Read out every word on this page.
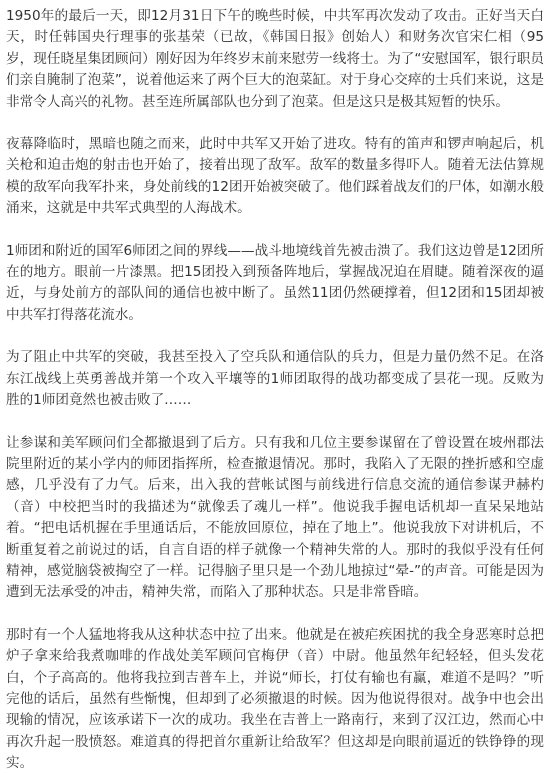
1950年的最后一天，即12月31日下午的晚些时候，中共军再次发动了攻击。正好当天白天，时任韩国央行理事的张基荣（已故，《韩国日报》创始人）和财务次官宋仁相（95岁，现任晓星集团顾问）刚好因为年终岁末前来慰劳一线将士。为了“安慰国军，银行职员们亲自腌制了泡菜”，说着他运来了两个巨大的泡菜缸。对于身心交瘁的士兵们来说，这是非常令人高兴的礼物。甚至连所属部队也分到了泡菜。但是这只是极其短暂的快乐。

夜幕降临时，黑暗也随之而来，此时中共军又开始了进攻。特有的笛声和锣声响起后，机关枪和迫击炮的射击也开始了，接着出现了敌军。敌军的数量多得吓人。随着无法估算规模的敌军向我军扑来，身处前线的12团开始被突破了。他们踩着战友们的尸体，如潮水般涌来，这就是中共军式典型的人海战术。

1师团和附近的国军6师团之间的界线——战斗地境线首先被击溃了。我们这边曾是12团所在的地方。眼前一片漆黑。把15团投入到预备阵地后，掌握战况迫在眉睫。随着深夜的逼近，与身处前方的部队间的通信也被中断了。虽然11团仍然硬撑着，但12团和15团却被中共军打得落花流水。

为了阻止中共军的突破，我甚至投入了空兵队和通信队的兵力，但是力量仍然不足。在洛东江战线上英勇善战并第一个攻入平壤等的1师团取得的战功都变成了昙花一现。反败为胜的1师团竟然也被击败了……

让参谋和美军顾问们全都撤退到了后方。只有我和几位主要参谋留在了曾设置在坡州郡法院里附近的某小学内的师团指挥所，检查撤退情况。那时，我陷入了无限的挫折感和空虚感，几乎没有了力气。后来，出入我的营帐试图与前线进行信息交流的通信参谋尹赫杓（音）中校把当时的我描述为“就像丢了魂儿一样”。他说我手握电话机却一直呆呆地站着。“把电话机握在手里通话后，不能放回原位，掉在了地上”。他说我放下对讲机后，不断重复着之前说过的话，自言自语的样子就像一个精神失常的人。那时的我似乎没有任何精神，感觉脑袋被掏空了一样。记得脑子里只是一个劲儿地掠过“晕-”的声音。可能是因为遭到无法承受的冲击，精神失常，而陷入了那种状态。只是非常昏暗。

那时有一个人猛地将我从这种状态中拉了出来。他就是在被疟疾困扰的我全身恶寒时总把炉子拿来给我煮咖啡的作战处美军顾问官梅伊（音）中尉。他虽然年纪轻轻，但头发花白，个子高高的。他将我拉到吉普车上，并说“师长，打仗有输也有赢，难道不是吗？”听完他的话后，虽然有些惭愧，但却到了必须撤退的时候。因为他说得很对。战争中也会出现输的情况，应该承诺下一次的成功。我坐在吉普上一路南行，来到了汉江边，然而心中再次升起一股愤怒。难道真的得把首尔重新让给敌军？但这却是向眼前逼近的铁铮铮的现实。
